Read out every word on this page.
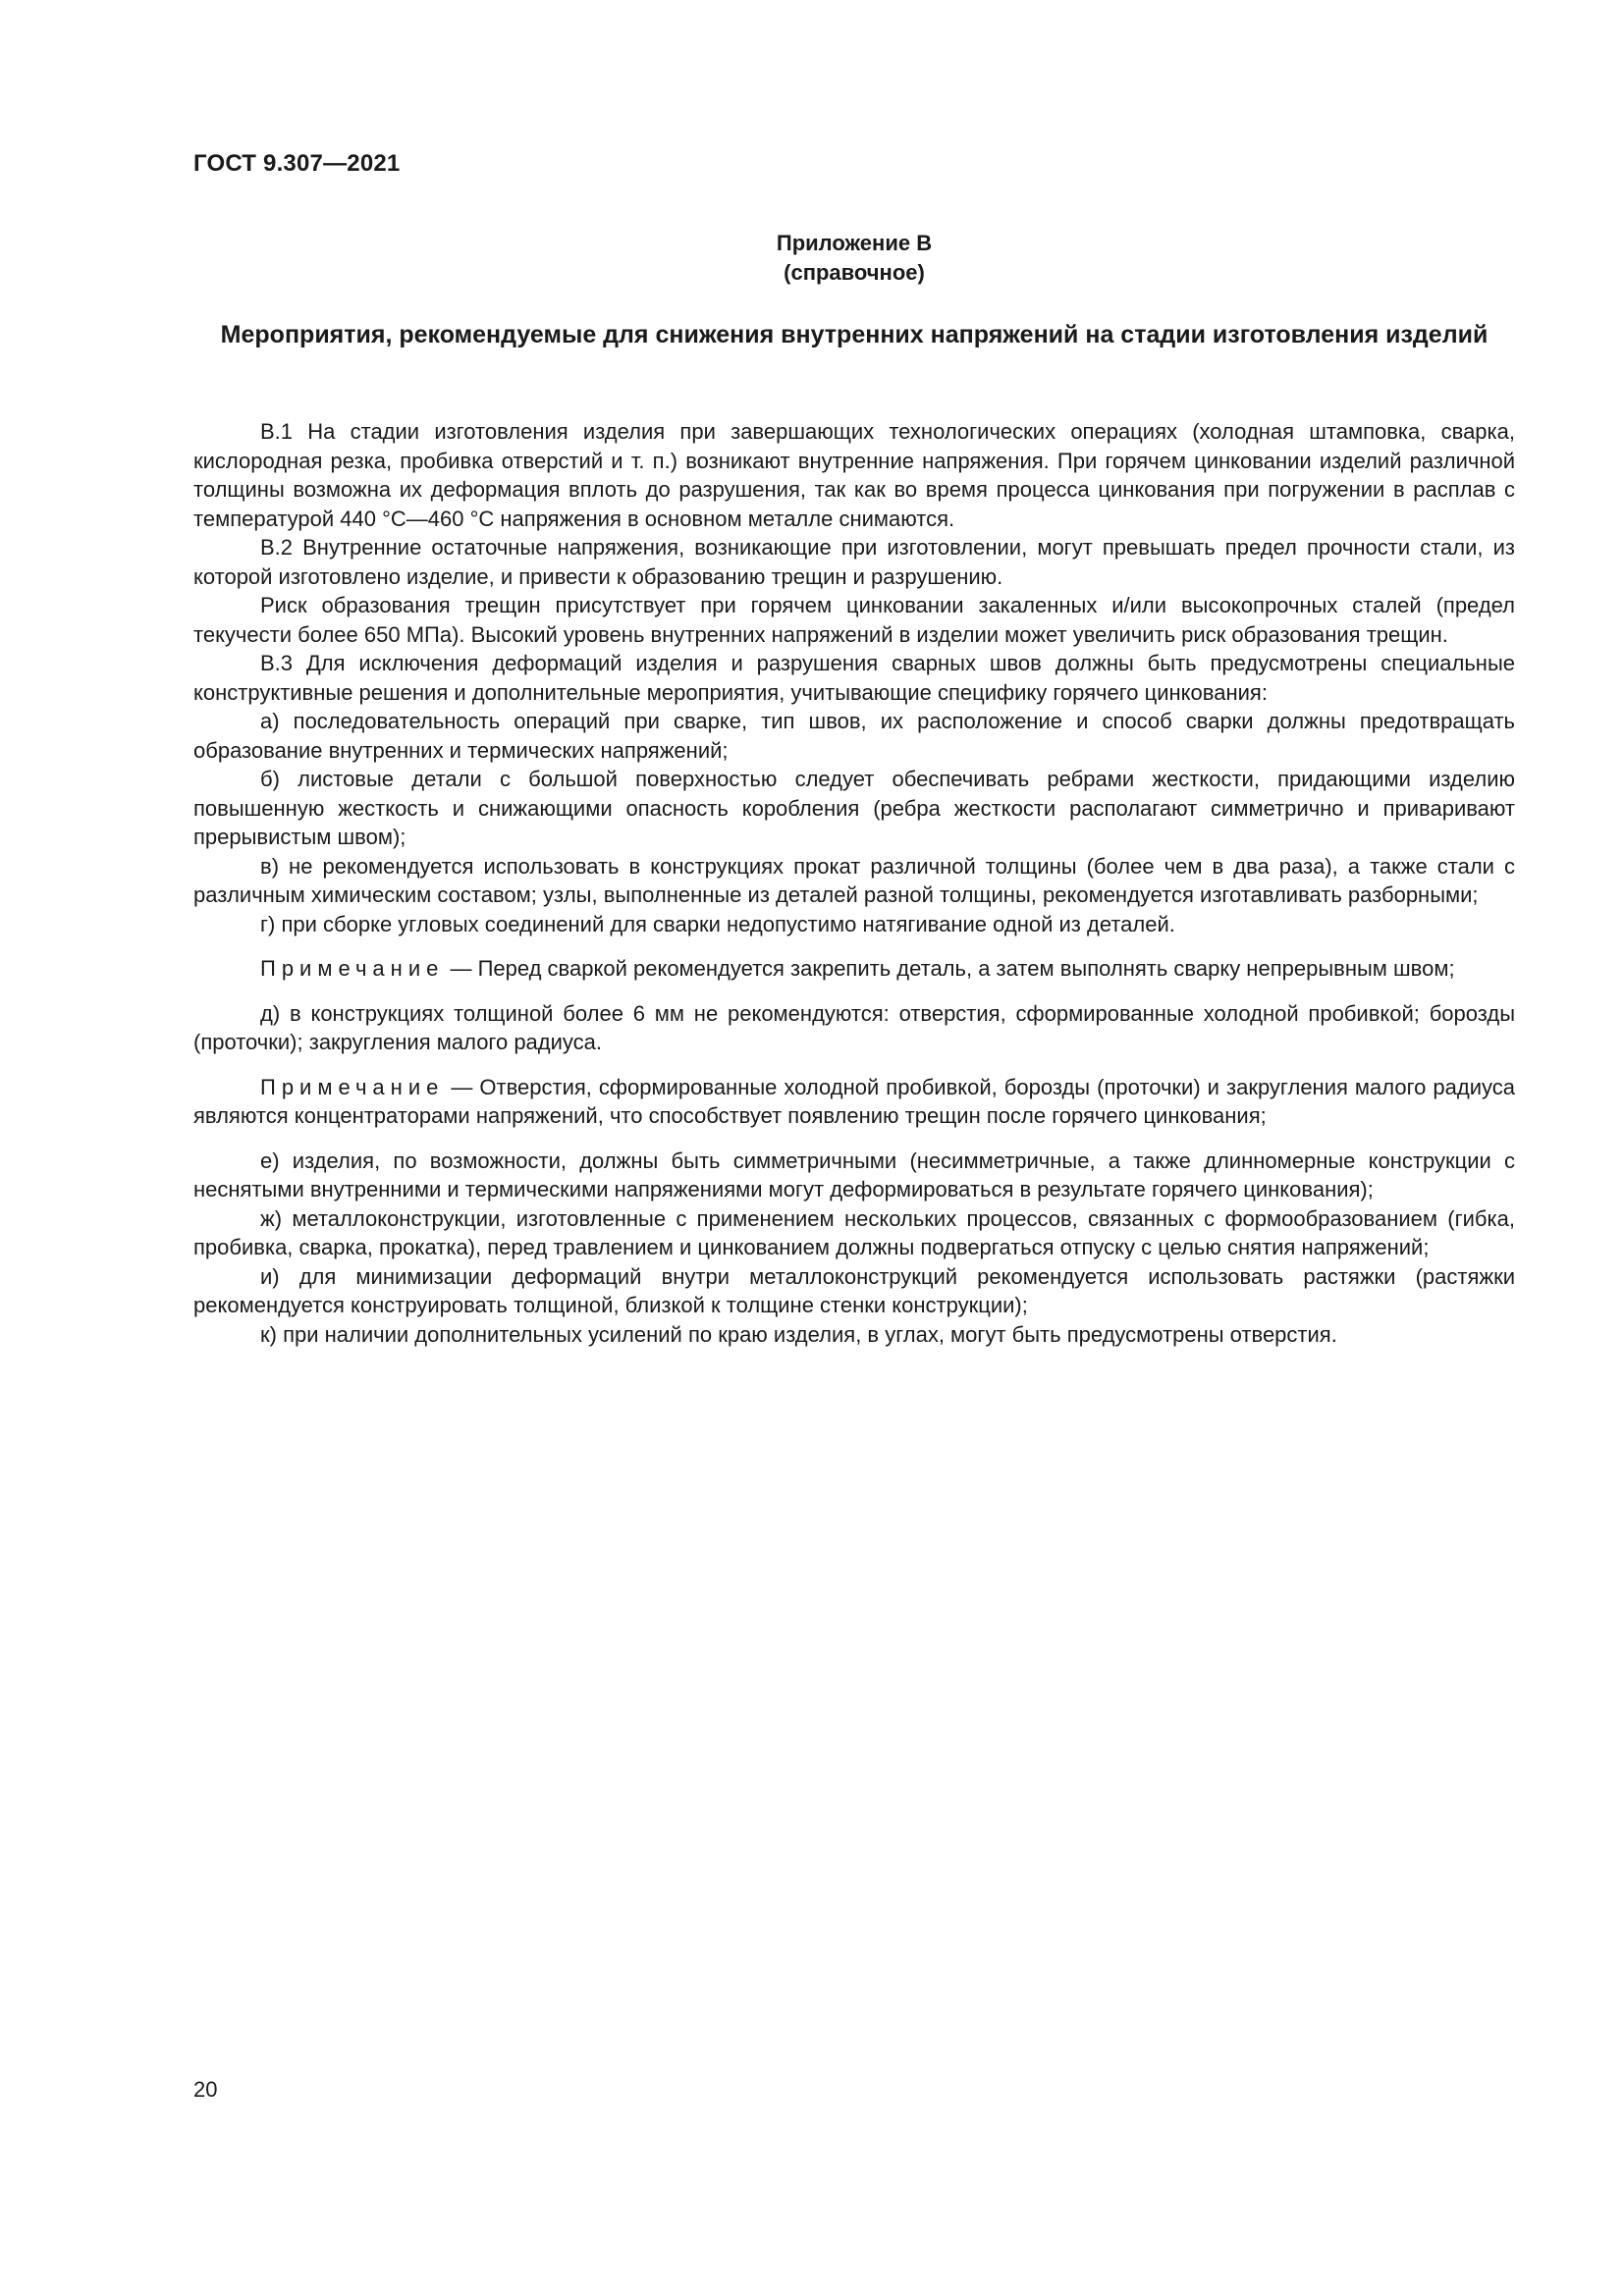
ГОСТ 9.307—2021
Приложение В
(справочное)
Мероприятия, рекомендуемые для снижения внутренних напряжений на стадии изготовления изделий

В.1 На стадии изготовления изделия при завершающих технологических операциях (холодная штамповка, сварка, кислородная резка, пробивка отверстий и т. п.) возникают внутренние напряжения. При горячем цинковании изделий различной толщины возможна их деформация вплоть до разрушения, так как во время процесса цинкования при погружении в расплав с температурой 440 °C—460 °C напряжения в основном металле снимаются.

В.2 Внутренние остаточные напряжения, возникающие при изготовлении, могут превышать предел прочности стали, из которой изготовлено изделие, и привести к образованию трещин и разрушению.

Риск образования трещин присутствует при горячем цинковании закаленных и/или высокопрочных сталей (предел текучести более 650 МПа). Высокий уровень внутренних напряжений в изделии может увеличить риск образования трещин.

В.3 Для исключения деформаций изделия и разрушения сварных швов должны быть предусмотрены специальные конструктивные решения и дополнительные мероприятия, учитывающие специфику горячего цинкования:

а) последовательность операций при сварке, тип швов, их расположение и способ сварки должны предотвращать образование внутренних и термических напряжений;

б) листовые детали с большой поверхностью следует обеспечивать ребрами жесткости, придающими изделию повышенную жесткость и снижающими опасность коробления (ребра жесткости располагают симметрично и приваривают прерывистым швом);

в) не рекомендуется использовать в конструкциях прокат различной толщины (более чем в два раза), а также стали с различным химическим составом; узлы, выполненные из деталей разной толщины, рекомендуется изготавливать разборными;

г) при сборке угловых соединений для сварки недопустимо натягивание одной из деталей.

Примечание — Перед сваркой рекомендуется закрепить деталь, а затем выполнять сварку непрерывным швом;

д) в конструкциях толщиной более 6 мм не рекомендуются: отверстия, сформированные холодной пробивкой; борозды (проточки); закругления малого радиуса.

Примечание — Отверстия, сформированные холодной пробивкой, борозды (проточки) и закругления малого радиуса являются концентраторами напряжений, что способствует появлению трещин после горячего цинкования;

е) изделия, по возможности, должны быть симметричными (несимметричные, а также длинномерные конструкции с неснятыми внутренними и термическими напряжениями могут деформироваться в результате горячего цинкования);

ж) металлоконструкции, изготовленные с применением нескольких процессов, связанных с формообразованием (гибка, пробивка, сварка, прокатка), перед травлением и цинкованием должны подвергаться отпуску с целью снятия напряжений;

и) для минимизации деформаций внутри металлоконструкций рекомендуется использовать растяжки (растяжки рекомендуется конструировать толщиной, близкой к толщине стенки конструкции);

к) при наличии дополнительных усилений по краю изделия, в углах, могут быть предусмотрены отверстия.

20
